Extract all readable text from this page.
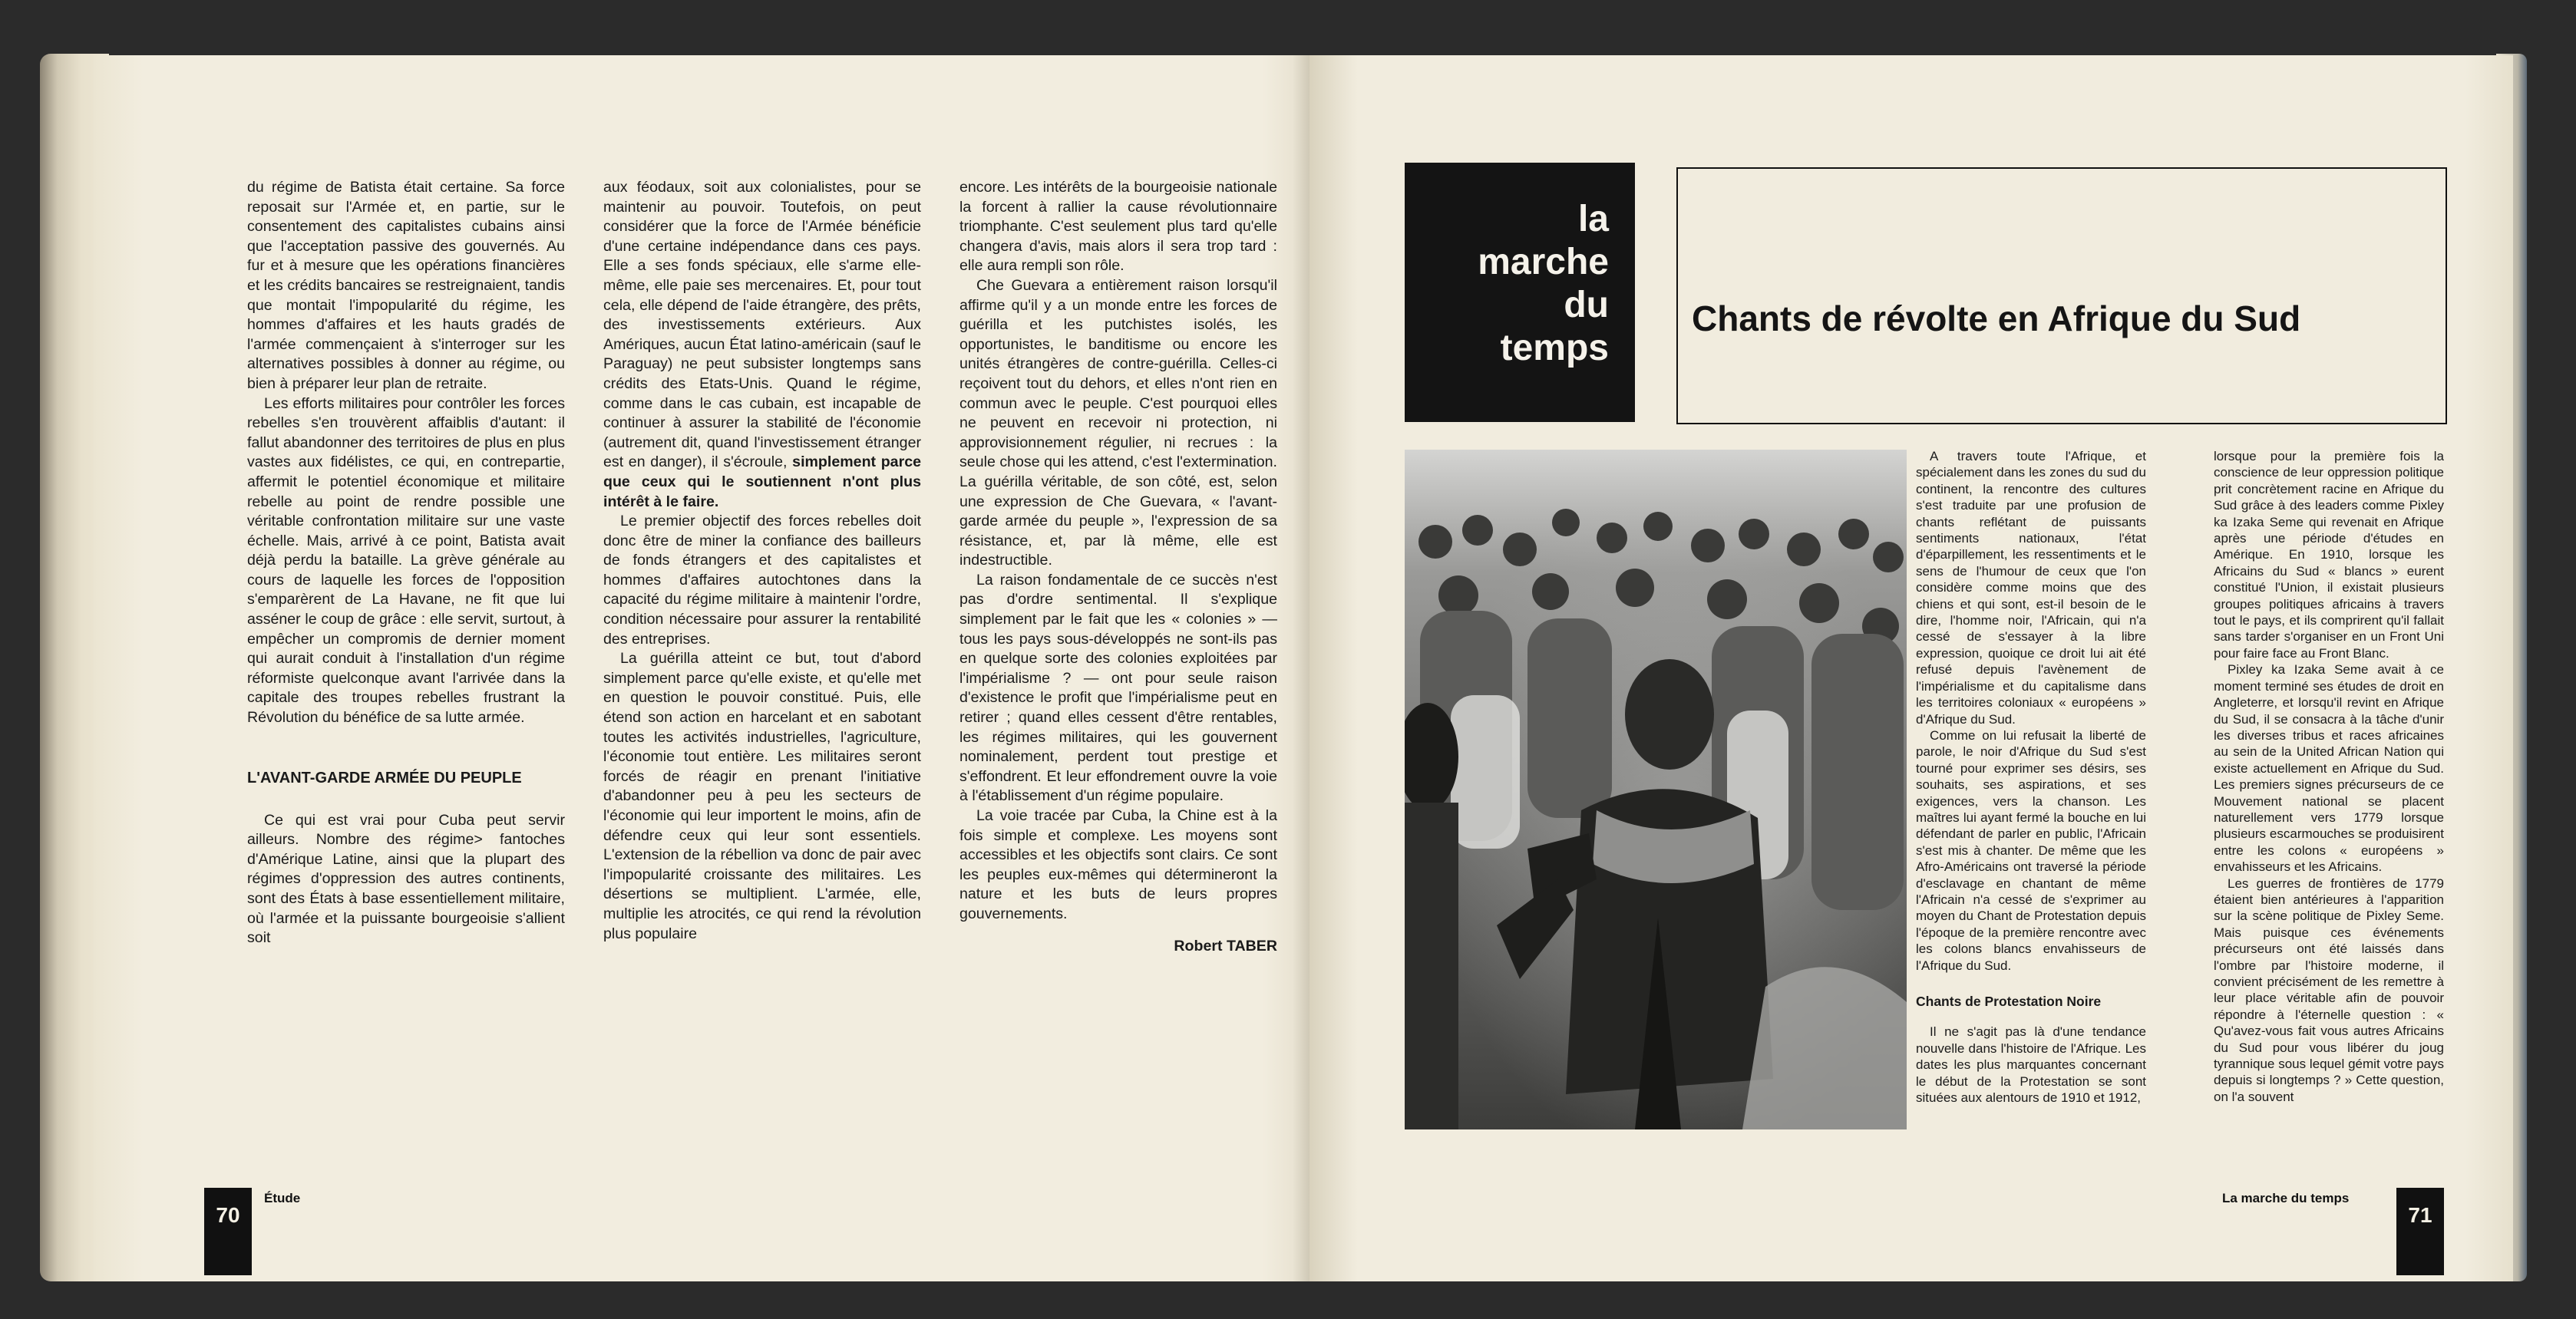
du régime de Batista était certaine. Sa force reposait sur l'Armée et, en partie, sur le consentement des capitalistes cubains ainsi que l'acceptation passive des gouvernés. Au fur et à mesure que les opérations financières et les crédits bancaires se restreignaient, tandis que montait l'impopularité du régime, les hommes d'affaires et les hauts gradés de l'armée commençaient à s'interroger sur les alternatives possibles à donner au régime, ou bien à préparer leur plan de retraite.

Les efforts militaires pour contrôler les forces rebelles s'en trouvèrent affaiblis d'autant: il fallut abandonner des territoires de plus en plus vastes aux fidélistes, ce qui, en contrepartie, affermit le potentiel économique et militaire rebelle au point de rendre possible une véritable confrontation militaire sur une vaste échelle. Mais, arrivé à ce point, Batista avait déjà perdu la bataille. La grève générale au cours de laquelle les forces de l'opposition s'emparèrent de La Havane, ne fit que lui asséner le coup de grâce : elle servit, surtout, à empêcher un compromis de dernier moment qui aurait conduit à l'installation d'un régime réformiste quelconque avant l'arrivée dans la capitale des troupes rebelles frustrant la Révolution du bénéfice de sa lutte armée.

L'AVANT-GARDE ARMÉE DU PEUPLE

Ce qui est vrai pour Cuba peut servir ailleurs. Nombre des régime> fantoches d'Amérique Latine, ainsi que la plupart des régimes d'oppression des autres continents, sont des États à base essentiellement militaire, où l'armée et la puissante bourgeoisie s'allient soit

aux féodaux, soit aux colonialistes, pour se maintenir au pouvoir. Toutefois, on peut considérer que la force de l'Armée bénéficie d'une certaine indépendance dans ces pays. Elle a ses fonds spéciaux, elle s'arme elle-même, elle paie ses mercenaires. Et, pour tout cela, elle dépend de l'aide étrangère, des prêts, des investissements extérieurs. Aux Amériques, aucun État latino-américain (sauf le Paraguay) ne peut subsister longtemps sans crédits des Etats-Unis. Quand le régime, comme dans le cas cubain, est incapable de continuer à assurer la stabilité de l'économie (autrement dit, quand l'investissement étranger est en danger), il s'écroule, simplement parce que ceux qui le soutiennent n'ont plus intérêt à le faire.

Le premier objectif des forces rebelles doit donc être de miner la confiance des bailleurs de fonds étrangers et des capitalistes et hommes d'affaires autochtones dans la capacité du régime militaire à maintenir l'ordre, condition nécessaire pour assurer la rentabilité des entreprises.

La guérilla atteint ce but, tout d'abord simplement parce qu'elle existe, et qu'elle met en question le pouvoir constitué. Puis, elle étend son action en harcelant et en sabotant toutes les activités industrielles, l'agriculture, l'économie tout entière. Les militaires seront forcés de réagir en prenant l'initiative d'abandonner peu à peu les secteurs de l'économie qui leur importent le moins, afin de défendre ceux qui leur sont essentiels. L'extension de la rébellion va donc de pair avec l'impopularité croissante des militaires. Les désertions se multiplient. L'armée, elle, multiplie les atrocités, ce qui rend la révolution plus populaire

encore. Les intérêts de la bourgeoisie nationale la forcent à rallier la cause révolutionnaire triomphante. C'est seulement plus tard qu'elle changera d'avis, mais alors il sera trop tard : elle aura rempli son rôle.

Che Guevara a entièrement raison lorsqu'il affirme qu'il y a un monde entre les forces de guérilla et les putchistes isolés, les opportunistes, le banditisme ou encore les unités étrangères de contre-guérilla. Celles-ci reçoivent tout du dehors, et elles n'ont rien en commun avec le peuple. C'est pourquoi elles ne peuvent en recevoir ni protection, ni approvisionnement régulier, ni recrues : la seule chose qui les attend, c'est l'extermination. La guérilla véritable, de son côté, est, selon une expression de Che Guevara, « l'avant-garde armée du peuple », l'expression de sa résistance, et, par là même, elle est indestructible.

La raison fondamentale de ce succès n'est pas d'ordre sentimental. Il s'explique simplement par le fait que les « colonies » — tous les pays sous-développés ne sont-ils pas en quelque sorte des colonies exploitées par l'impérialisme ? — ont pour seule raison d'existence le profit que l'impérialisme peut en retirer ; quand elles cessent d'être rentables, les régimes militaires, qui les gouvernent nominalement, perdent tout prestige et s'effondrent. Et leur effondrement ouvre la voie à l'établissement d'un régime populaire.

La voie tracée par Cuba, la Chine est à la fois simple et complexe. Les moyens sont accessibles et les objectifs sont clairs. Ce sont les peuples eux-mêmes qui détermineront la nature et les buts de leurs propres gouvernements.

Robert TABER

70
Étude
la
marche
du
temps
Chants de révolte en Afrique du Sud

A travers toute l'Afrique, et spécialement dans les zones du sud du continent, la rencontre des cultures s'est traduite par une profusion de chants reflétant de puissants sentiments nationaux, l'état d'éparpillement, les ressentiments et le sens de l'humour de ceux que l'on considère comme moins que des chiens et qui sont, est-il besoin de le dire, l'homme noir, l'Africain, qui n'a cessé de s'essayer à la libre expression, quoique ce droit lui ait été refusé depuis l'avènement de l'impérialisme et du capitalisme dans les territoires coloniaux « européens » d'Afrique du Sud.

Comme on lui refusait la liberté de parole, le noir d'Afrique du Sud s'est tourné pour exprimer ses désirs, ses souhaits, ses aspirations, et ses exigences, vers la chanson. Les maîtres lui ayant fermé la bouche en lui défendant de parler en public, l'Africain s'est mis à chanter. De même que les Afro-Américains ont traversé la période d'esclavage en chantant de même l'Africain n'a cessé de s'exprimer au moyen du Chant de Protestation depuis l'époque de la première rencontre avec les colons blancs envahisseurs de l'Afrique du Sud.

Chants de Protestation Noire

Il ne s'agit pas là d'une tendance nouvelle dans l'histoire de l'Afrique. Les dates les plus marquantes concernant le début de la Protestation se sont situées aux alentours de 1910 et 1912,

lorsque pour la première fois la conscience de leur oppression politique prit concrètement racine en Afrique du Sud grâce à des leaders comme Pixley ka Izaka Seme qui revenait en Afrique après une période d'études en Amérique. En 1910, lorsque les Africains du Sud « blancs » eurent constitué l'Union, il existait plusieurs groupes politiques africains à travers tout le pays, et ils comprirent qu'il fallait sans tarder s'organiser en un Front Uni pour faire face au Front Blanc.

Pixley ka Izaka Seme avait à ce moment terminé ses études de droit en Angleterre, et lorsqu'il revint en Afrique du Sud, il se consacra à la tâche d'unir les diverses tribus et races africaines au sein de la United African Nation qui existe actuellement en Afrique du Sud. Les premiers signes précurseurs de ce Mouvement national se placent naturellement vers 1779 lorsque plusieurs escarmouches se produisirent entre les colons « européens » envahisseurs et les Africains.

Les guerres de frontières de 1779 étaient bien antérieures à l'apparition sur la scène politique de Pixley Seme. Mais puisque ces événements précurseurs ont été laissés dans l'ombre par l'histoire moderne, il convient précisément de les remettre à leur place véritable afin de pouvoir répondre à l'éternelle question : « Qu'avez-vous fait vous autres Africains du Sud pour vous libérer du joug tyrannique sous lequel gémit votre pays depuis si longtemps ? » Cette question, on l'a souvent

La marche du temps
71
